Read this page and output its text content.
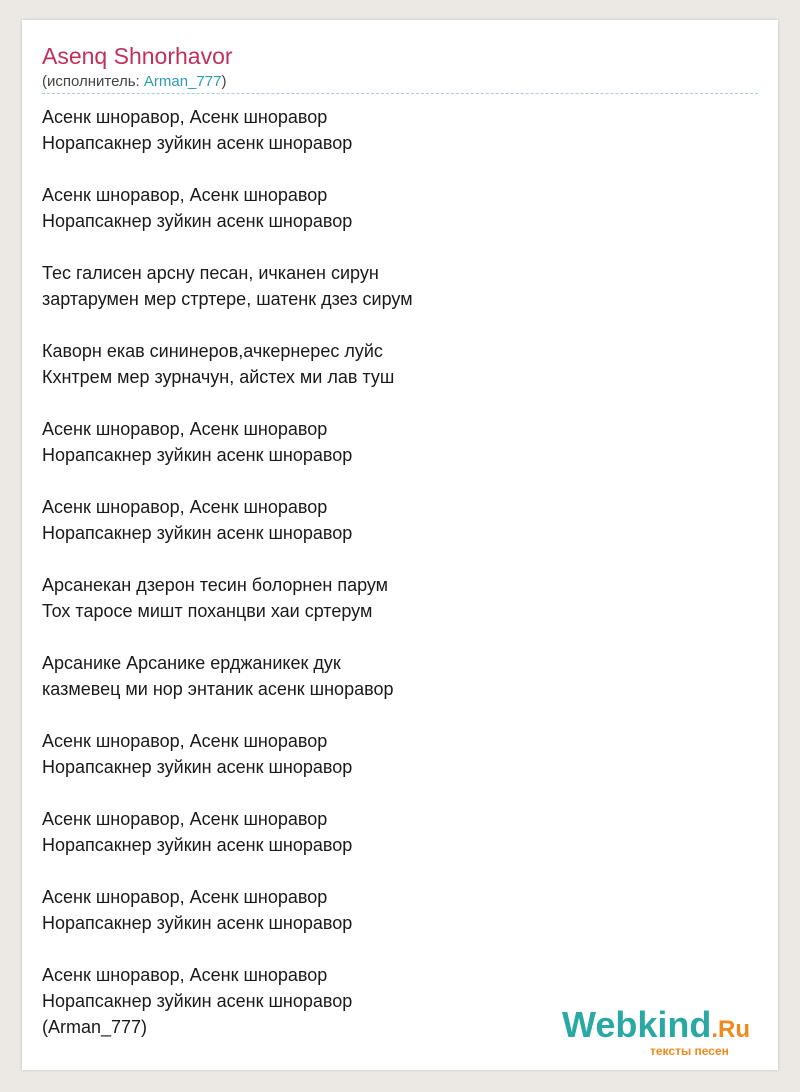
Asenq Shnorhavor
(исполнитель: Arman_777)
Асенк шноравор, Асенк шноравор
Норапсакнер зуйкин асенк шноравор
Асенк шноравор, Асенк шноравор
Норапсакнер зуйкин асенк шноравор
Тес галисен арсну песан, ичканен сирун
зартарумен мер стртере, шатенк дзез сирум
Каворн екав сининеров,ачкернерес луйс
Кхнтрем мер зурначун, айстех ми лав туш
Асенк шноравор, Асенк шноравор
Норапсакнер зуйкин асенк шноравор
Асенк шноравор, Асенк шноравор
Норапсакнер зуйкин асенк шноравор
Арсанекан дзерон тесин болорнен парум
Тох таросе мишт поханцви хаи сртерум
Арсанике Арсанике ерджаникек дук
казмевец ми нор энтаник асенк шноравор
Асенк шноравор, Асенк шноравор
Норапсакнер зуйкин асенк шноравор
Асенк шноравор, Асенк шноравор
Норапсакнер зуйкин асенк шноравор
Асенк шноравор, Асенк шноравор
Норапсакнер зуйкин асенк шноравор
Асенк шноравор, Асенк шноравор
Норапсакнер зуйкин асенк шноравор
(Arman_777)	Webkind.Ru
тексты песен
